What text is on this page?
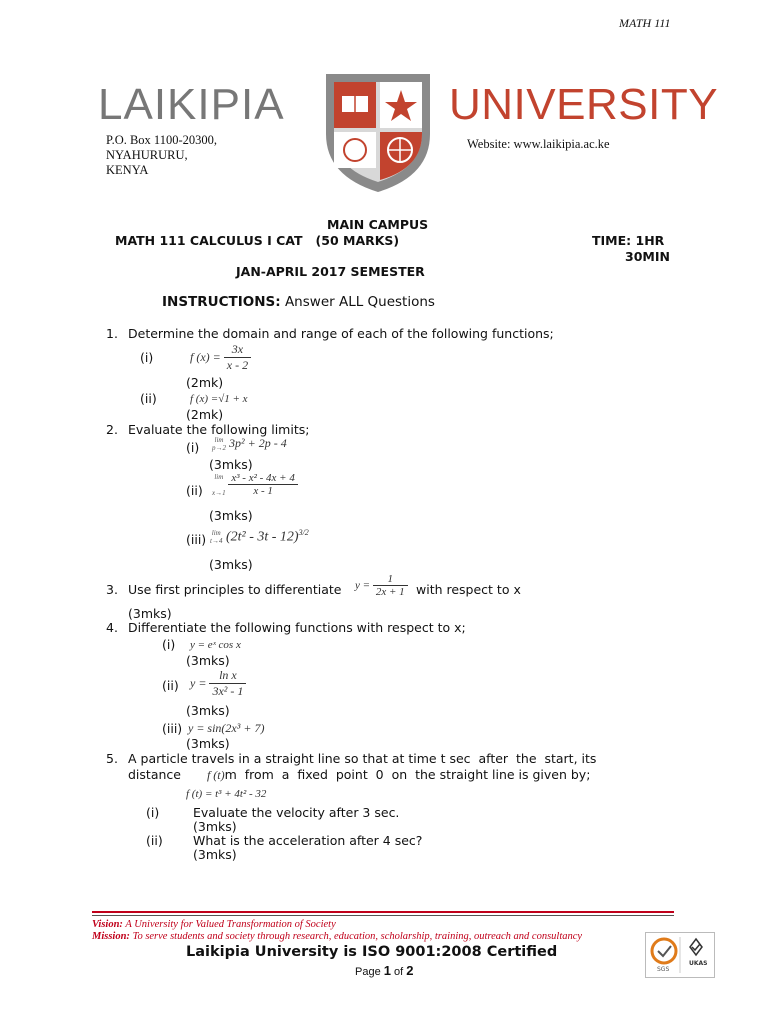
MATH 111
LAIKIPIA	UNIVERSITY
P.O. Box 1100-20300,
NYAHURURU,
KENYA
Website: www.laikipia.ac.ke
MAIN CAMPUS
MATH 111 CALCULUS I CAT   (50 MARKS)	TIME: 1HR
30MIN
JAN-APRIL 2017 SEMESTER
INSTRUCTIONS: Answer ALL Questions
1. Determine the domain and range of each of the following functions;
(i)	f $(x) = \frac{3x}{x - 2}$
(2mk)
(ii)	f (x) =√1 + x
(2mk)
2. Evaluate the following limits;
(i)	lim
p→2 3p² + 2p - 4
(3mks)
(ii)
lim

$x\to 1 \frac{\text{x³ - x² - 4x + 4}}{x - 1}$
(3mks)
(iii) lim
t→4 (2t² - 3t - 12)$^{3/2}$
(3mks)
3. Use first principles to differentiate $y = \frac{1}{2x + 1}$ with respect to x
(3mks)
4. Differentiate the following functions with respect to x;
(i) y = eˣ cos x
(3mks)
(ii) $y = \frac{\text{ln x}}{\text{3x² - 1}}$
(3mks)
(iii) y = sin(2x³ + 7)
(3mks)
5. A particle travels in a straight line so that at time t sec  after  the  start, its
distance f (t)m  from  a  fixed  point  0  on  the straight line is given by;
f (t) = t³ + 4t² - 32
(i)	Evaluate the velocity after 3 sec.
(3mks)
(ii) What is the acceleration after 4 sec?
(3mks)
Vision: A University for Valued Transformation of Society
Mission: To serve students and society through research, education, scholarship, training, outreach and consultancy
Laikipia University is ISO 9001:2008 Certified
Page 1 of 2	SGS
UKAS
